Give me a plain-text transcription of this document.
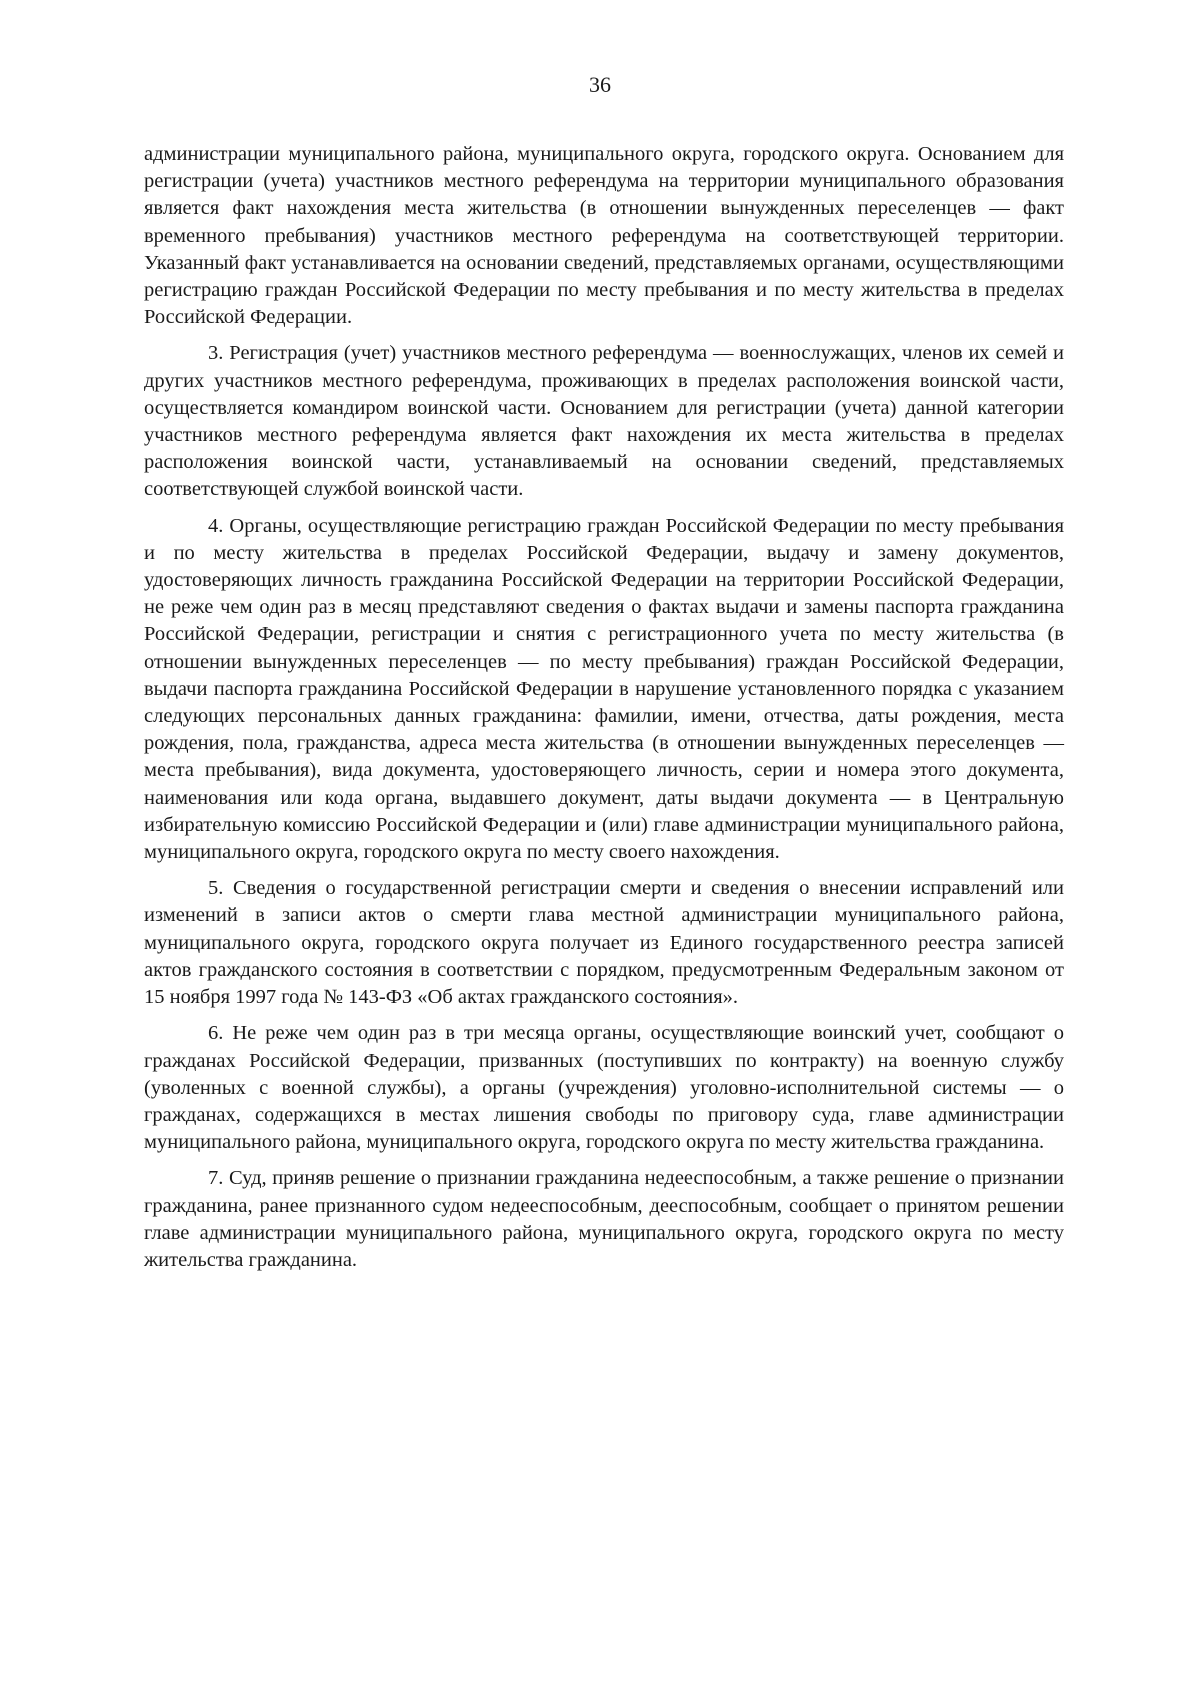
36

администрации муниципального района, муниципального округа, городского округа. Основанием для регистрации (учета) участников местного референдума на территории муниципального образования является факт нахождения места жительства (в отношении вынужденных переселенцев — факт временного пребывания) участников местного референдума на соответствующей территории. Указанный факт устанавливается на основании сведений, представляемых органами, осуществляющими регистрацию граждан Российской Федерации по месту пребывания и по месту жительства в пределах Российской Федерации.

3. Регистрация (учет) участников местного референдума — военнослужащих, членов их семей и других участников местного референдума, проживающих в пределах расположения воинской части, осуществляется командиром воинской части. Основанием для регистрации (учета) данной категории участников местного референдума является факт нахождения их места жительства в пределах расположения воинской части, устанавливаемый на основании сведений, представляемых соответствующей службой воинской части.

4. Органы, осуществляющие регистрацию граждан Российской Федерации по месту пребывания и по месту жительства в пределах Российской Федерации, выдачу и замену документов, удостоверяющих личность гражданина Российской Федерации на территории Российской Федерации, не реже чем один раз в месяц представляют сведения о фактах выдачи и замены паспорта гражданина Российской Федерации, регистрации и снятия с регистрационного учета по месту жительства (в отношении вынужденных переселенцев — по месту пребывания) граждан Российской Федерации, выдачи паспорта гражданина Российской Федерации в нарушение установленного порядка с указанием следующих персональных данных гражданина: фамилии, имени, отчества, даты рождения, места рождения, пола, гражданства, адреса места жительства (в отношении вынужденных переселенцев — места пребывания), вида документа, удостоверяющего личность, серии и номера этого документа, наименования или кода органа, выдавшего документ, даты выдачи документа — в Центральную избирательную комиссию Российской Федерации и (или) главе администрации муниципального района, муниципального округа, городского округа по месту своего нахождения.

5. Сведения о государственной регистрации смерти и сведения о внесении исправлений или изменений в записи актов о смерти глава местной администрации муниципального района, муниципального округа, городского округа получает из Единого государственного реестра записей актов гражданского состояния в соответствии с порядком, предусмотренным Федеральным законом от 15 ноября 1997 года № 143-ФЗ «Об актах гражданского состояния».

6. Не реже чем один раз в три месяца органы, осуществляющие воинский учет, сообщают о гражданах Российской Федерации, призванных (поступивших по контракту) на военную службу (уволенных с военной службы), а органы (учреждения) уголовно-исполнительной системы — о гражданах, содержащихся в местах лишения свободы по приговору суда, главе администрации муниципального района, муниципального округа, городского округа по месту жительства гражданина.

7. Суд, приняв решение о признании гражданина недееспособным, а также решение о признании гражданина, ранее признанного судом недееспособным, дееспособным, сообщает о принятом решении главе администрации муниципального района, муниципального округа, городского округа по месту жительства гражданина.
